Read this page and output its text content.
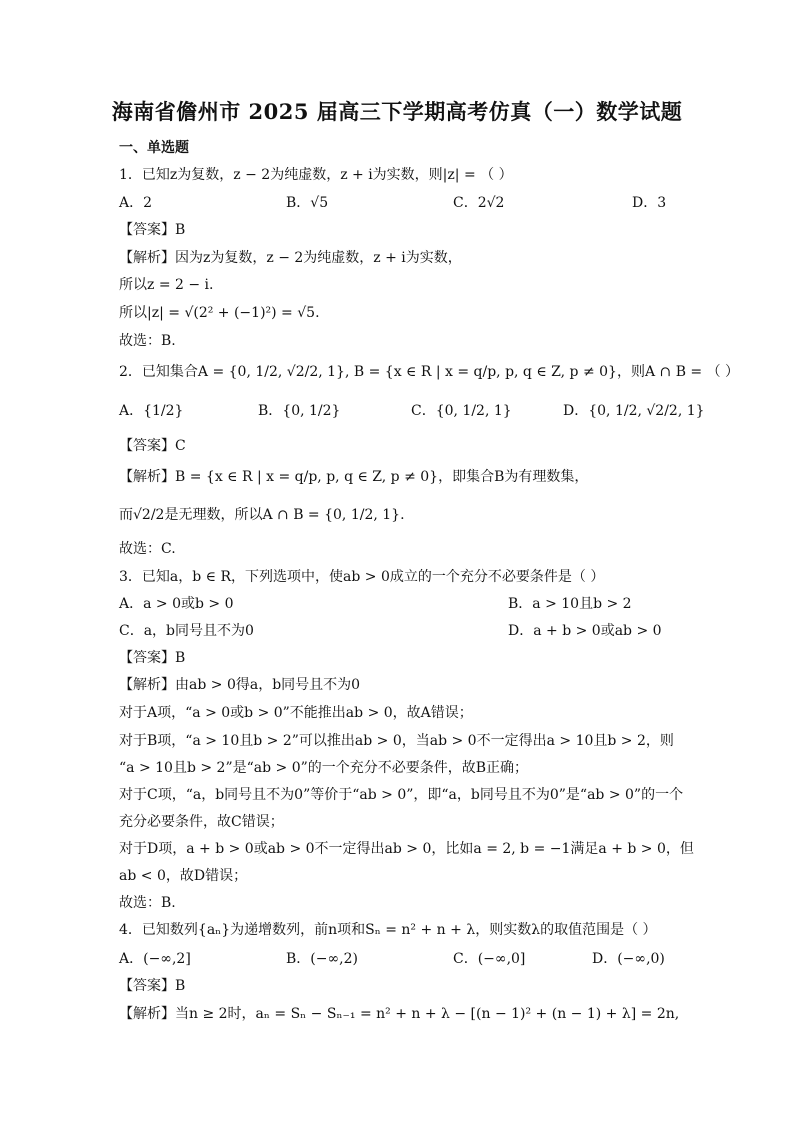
海南省儋州市 2025 届高三下学期高考仿真（一）数学试题
一、单选题
1．已知z为复数，z − 2为纯虚数，z + i为实数，则|z| = （ ）
A．2	B．√5	C．2√2	D．3
【答案】B
【解析】因为z为复数，z − 2为纯虚数，z + i为实数，
所以z = 2 − i.
所以|z| = √(2² + (−1)²) = √5.
故选：B.
2．已知集合A = {0, 1/2, √2/2, 1}, B = {x ∈ R | x = q/p, p, q ∈ Z, p ≠ 0}，则A ∩ B = （ ）
A．{1/2}	B．{0, 1/2}	C．{0, 1/2, 1}	D．{0, 1/2, √2/2, 1}
【答案】C
【解析】B = {x ∈ R | x = q/p, p, q ∈ Z, p ≠ 0}，即集合B为有理数集，
而√2/2是无理数，所以A ∩ B = {0, 1/2, 1}.
故选：C.
3．已知a，b ∈ R，下列选项中，使ab > 0成立的一个充分不必要条件是（ ）
A．a > 0或b > 0	B．a > 10且b > 2
C．a，b同号且不为0	D．a + b > 0或ab > 0
【答案】B
【解析】由ab > 0得a，b同号且不为0
对于A项，“a > 0或b > 0”不能推出ab > 0，故A错误；
对于B项，“a > 10且b > 2”可以推出ab > 0，当ab > 0不一定得出a > 10且b > 2，则
“a > 10且b > 2”是“ab > 0”的一个充分不必要条件，故B正确；
对于C项，“a，b同号且不为0”等价于“ab > 0”，即“a，b同号且不为0”是“ab > 0”的一个
充分必要条件，故C错误；
对于D项，a + b > 0或ab > 0不一定得出ab > 0，比如a = 2, b = −1满足a + b > 0，但
ab < 0，故D错误；
故选：B.
4．已知数列{aₙ}为递增数列，前n项和Sₙ = n² + n + λ，则实数λ的取值范围是（ ）
A．(−∞,2]	B．(−∞,2)	C．(−∞,0]	D．(−∞,0)
【答案】B
【解析】当n ≥ 2时，aₙ = Sₙ − Sₙ₋₁ = n² + n + λ − [(n − 1)² + (n − 1) + λ] = 2n,
